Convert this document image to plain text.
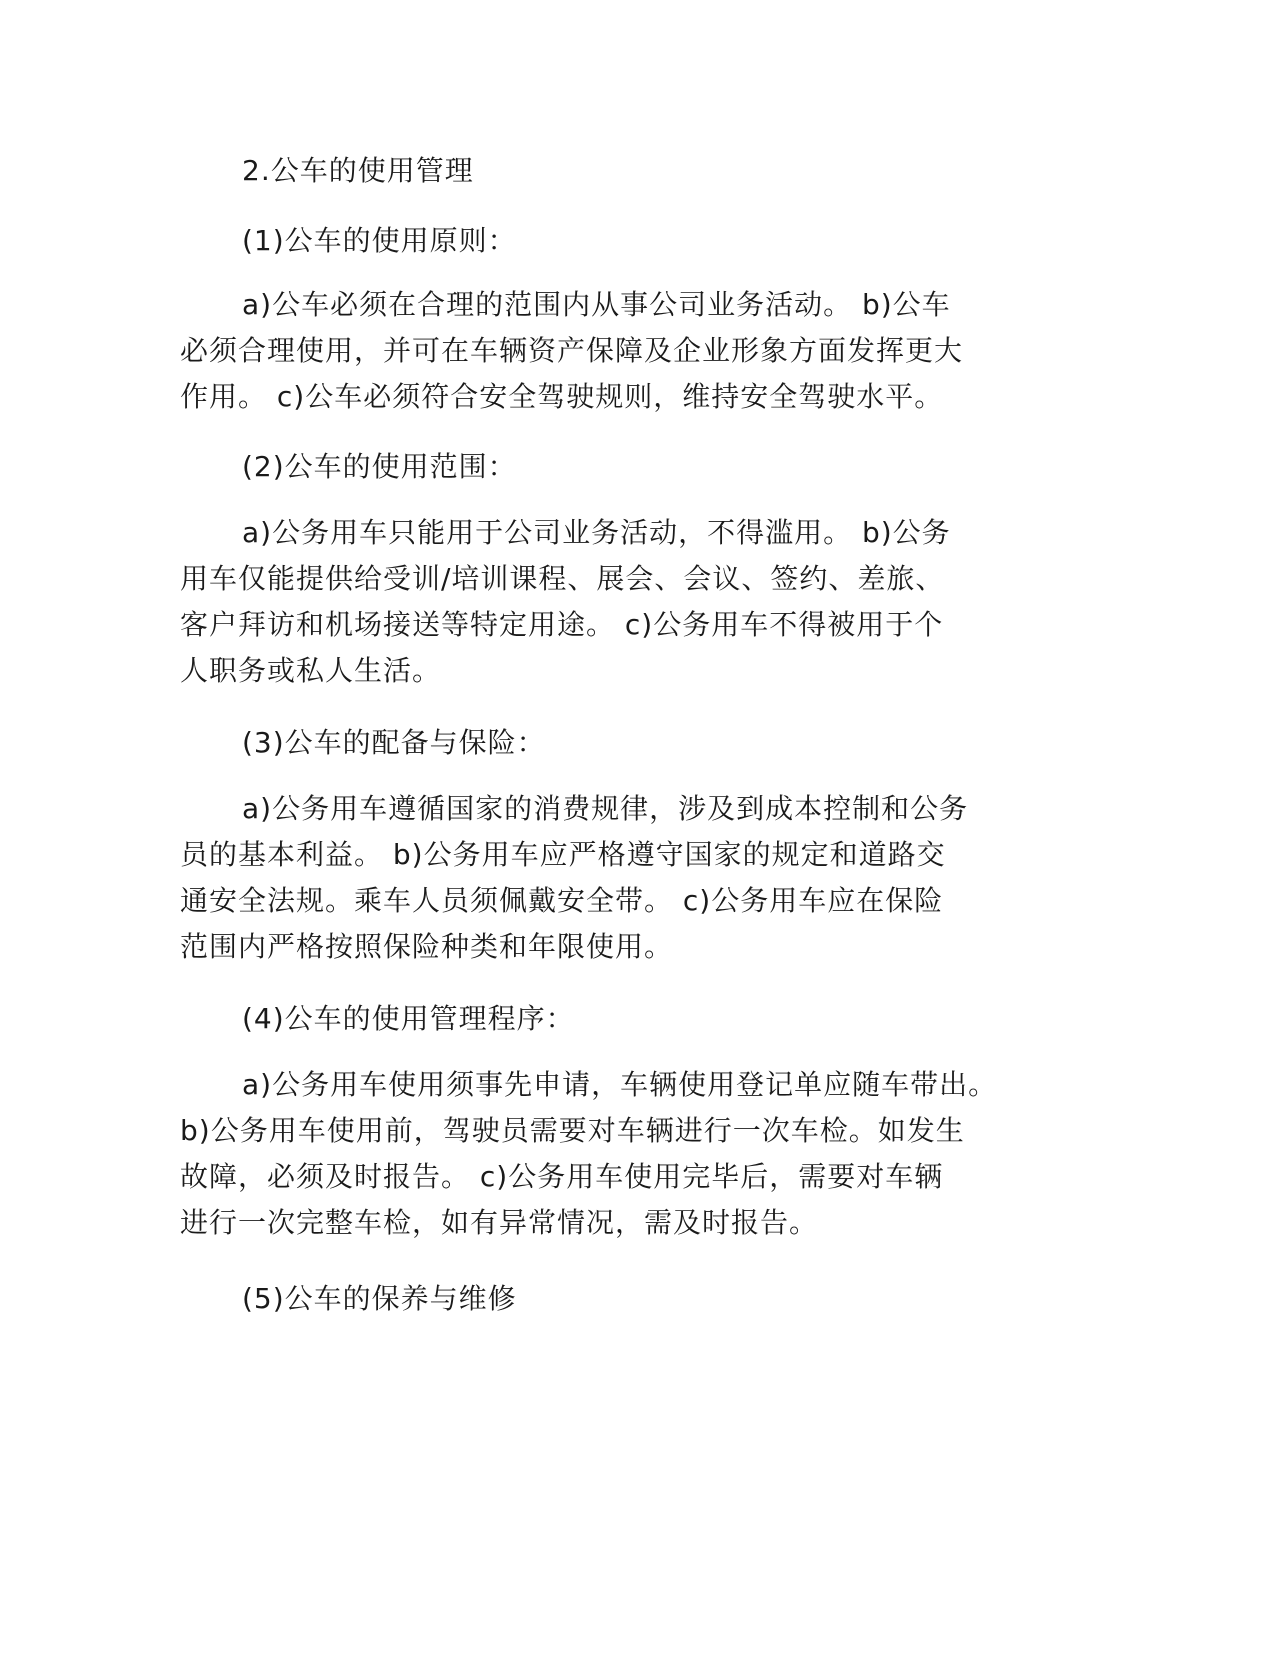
2.公车的使用管理
(1)公车的使用原则：
a)公车必须在合理的范围内从事公司业务活动。 b)公车
必须合理使用，并可在车辆资产保障及企业形象方面发挥更大
作用。 c)公车必须符合安全驾驶规则，维持安全驾驶水平。
(2)公车的使用范围：
a)公务用车只能用于公司业务活动，不得滥用。 b)公务
用车仅能提供给受训/培训课程、展会、会议、签约、差旅、
客户拜访和机场接送等特定用途。 c)公务用车不得被用于个
人职务或私人生活。
(3)公车的配备与保险：
a)公务用车遵循国家的消费规律，涉及到成本控制和公务
员的基本利益。 b)公务用车应严格遵守国家的规定和道路交
通安全法规。乘车人员须佩戴安全带。 c)公务用车应在保险
范围内严格按照保险种类和年限使用。
(4)公车的使用管理程序：
a)公务用车使用须事先申请，车辆使用登记单应随车带出。
b)公务用车使用前，驾驶员需要对车辆进行一次车检。如发生
故障，必须及时报告。 c)公务用车使用完毕后，需要对车辆
进行一次完整车检，如有异常情况，需及时报告。
(5)公车的保养与维修
